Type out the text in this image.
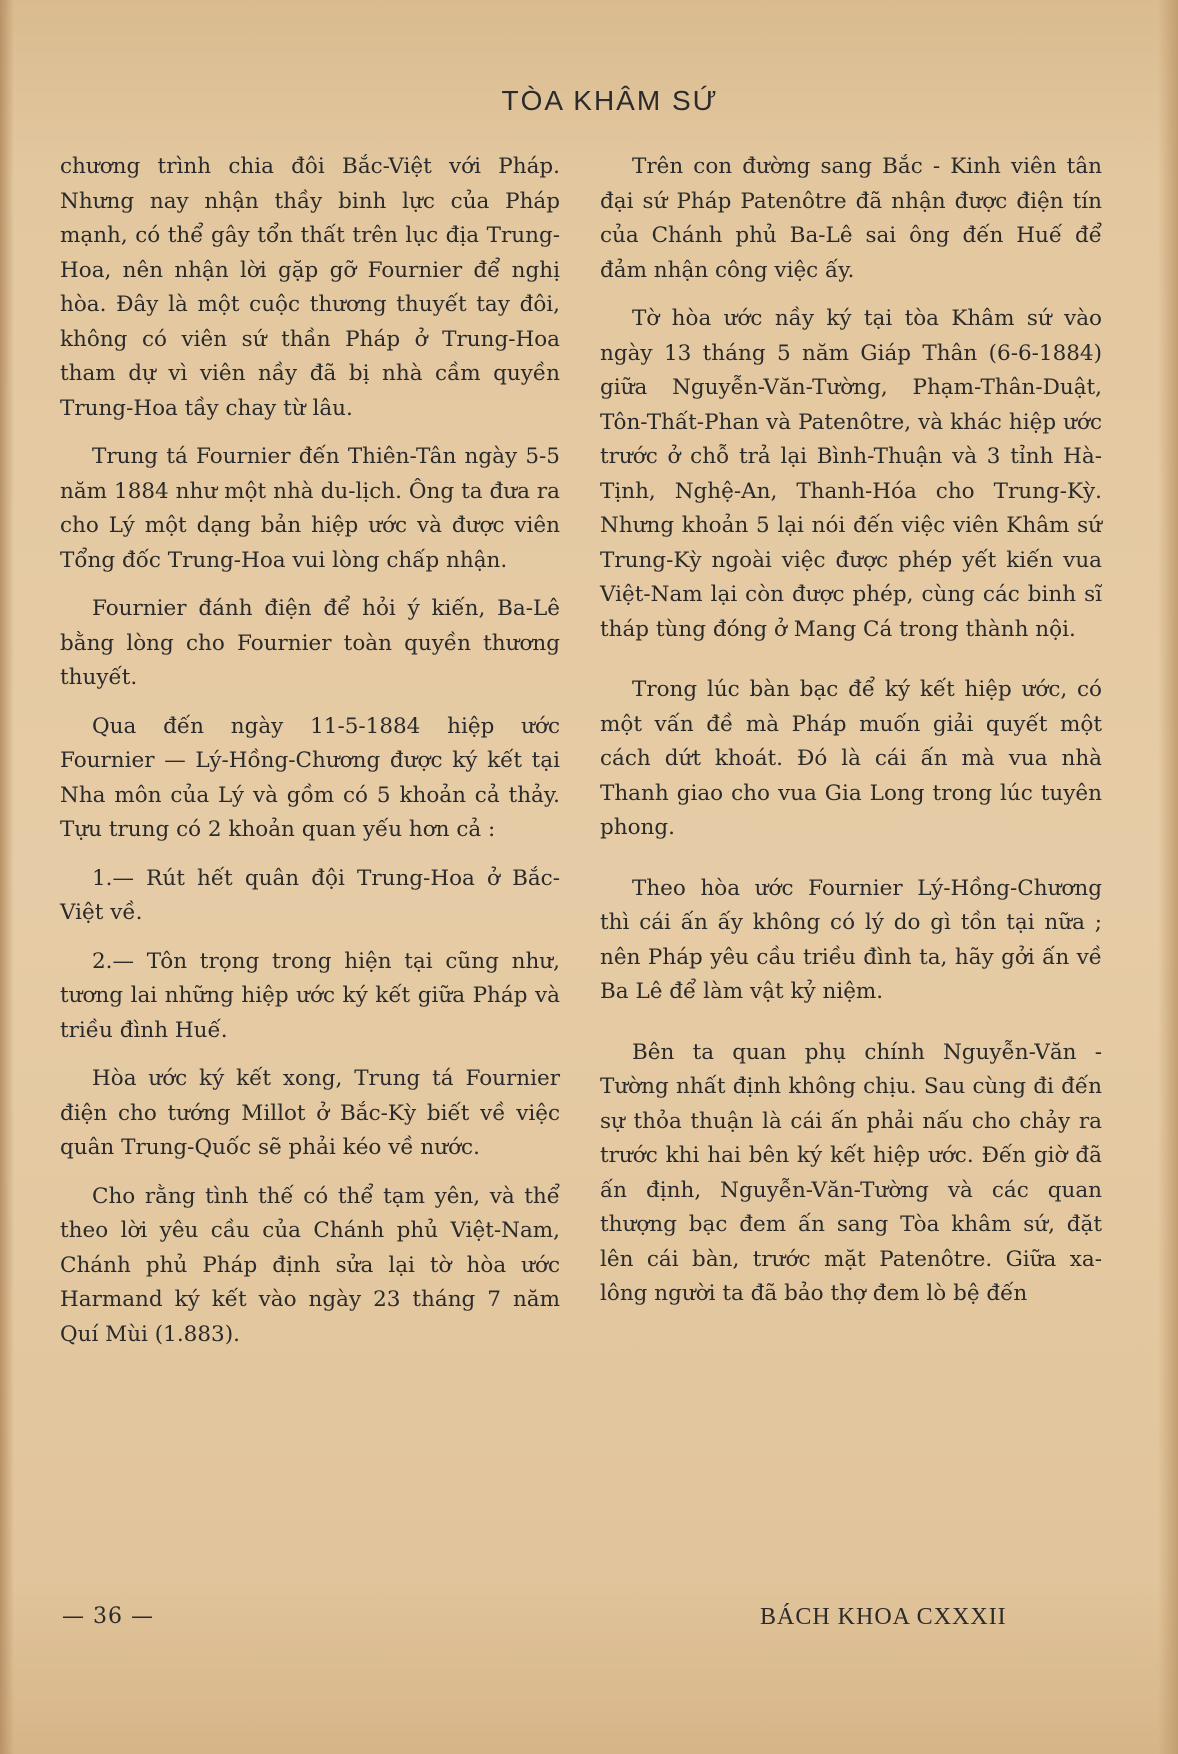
TÒA KHÂM SỨ

chương trình chia đôi Bắc-Việt với Pháp. Nhưng nay nhận thầy binh lực của Pháp mạnh, có thể gây tổn thất trên lục địa Trung-Hoa, nên nhận lời gặp gỡ Fournier để nghị hòa. Đây là một cuộc thương thuyết tay đôi, không có viên sứ thần Pháp ở Trung-Hoa tham dự vì viên nầy đã bị nhà cầm quyền Trung-Hoa tầy chay từ lâu.

Trung tá Fournier đến Thiên-Tân ngày 5-5 năm 1884 như một nhà du-lịch. Ông ta đưa ra cho Lý một dạng bản hiệp ước và được viên Tổng đốc Trung-Hoa vui lòng chấp nhận.

Fournier đánh điện để hỏi ý kiến, Ba-Lê bằng lòng cho Fournier toàn quyền thương thuyết.

Qua đến ngày 11-5-1884 hiệp ước Fournier — Lý-Hồng-Chương được ký kết tại Nha môn của Lý và gồm có 5 khoản cả thảy. Tựu trung có 2 khoản quan yếu hơn cả :

1.— Rút hết quân đội Trung-Hoa ở Bắc-Việt về.

2.— Tôn trọng trong hiện tại cũng như, tương lai những hiệp ước ký kết giữa Pháp và triều đình Huế.

Hòa ước ký kết xong, Trung tá Fournier điện cho tướng Millot ở Bắc-Kỳ biết về việc quân Trung-Quốc sẽ phải kéo về nước.

Cho rằng tình thế có thể tạm yên, và thể theo lời yêu cầu của Chánh phủ Việt-Nam, Chánh phủ Pháp định sửa lại tờ hòa ước Harmand ký kết vào ngày 23 tháng 7 năm Quí Mùi (1.883).

Trên con đường sang Bắc - Kinh viên tân đại sứ Pháp Patenôtre đã nhận được điện tín của Chánh phủ Ba-Lê sai ông đến Huế để đảm nhận công việc ấy.

Tờ hòa ước nầy ký tại tòa Khâm sứ vào ngày 13 tháng 5 năm Giáp Thân (6-6-1884) giữa Nguyễn-Văn-Tường, Phạm-Thân-Duật, Tôn-Thất-Phan và Patenôtre, và khác hiệp ước trước ở chỗ trả lại Bình-Thuận và 3 tỉnh Hà-Tịnh, Nghệ-An, Thanh-Hóa cho Trung-Kỳ. Nhưng khoản 5 lại nói đến việc viên Khâm sứ Trung-Kỳ ngoài việc được phép yết kiến vua Việt-Nam lại còn được phép, cùng các binh sĩ tháp tùng đóng ở Mang Cá trong thành nội.

Trong lúc bàn bạc để ký kết hiệp ước, có một vấn đề mà Pháp muốn giải quyết một cách dứt khoát. Đó là cái ấn mà vua nhà Thanh giao cho vua Gia Long trong lúc tuyên phong.

Theo hòa ước Fournier Lý-Hồng-Chương thì cái ấn ấy không có lý do gì tồn tại nữa ; nên Pháp yêu cầu triều đình ta, hãy gởi ấn về Ba Lê để làm vật kỷ niệm.

Bên ta quan phụ chính Nguyễn-Văn - Tường nhất định không chịu. Sau cùng đi đến sự thỏa thuận là cái ấn phải nấu cho chảy ra trước khi hai bên ký kết hiệp ước. Đến giờ đã ấn định, Nguyễn-Văn-Tường và các quan thượng bạc đem ấn sang Tòa khâm sứ, đặt lên cái bàn, trước mặt Patenôtre. Giữa xa-lông người ta đã bảo thợ đem lò bệ đến

— 36 —	BÁCH KHOA CXXXII
